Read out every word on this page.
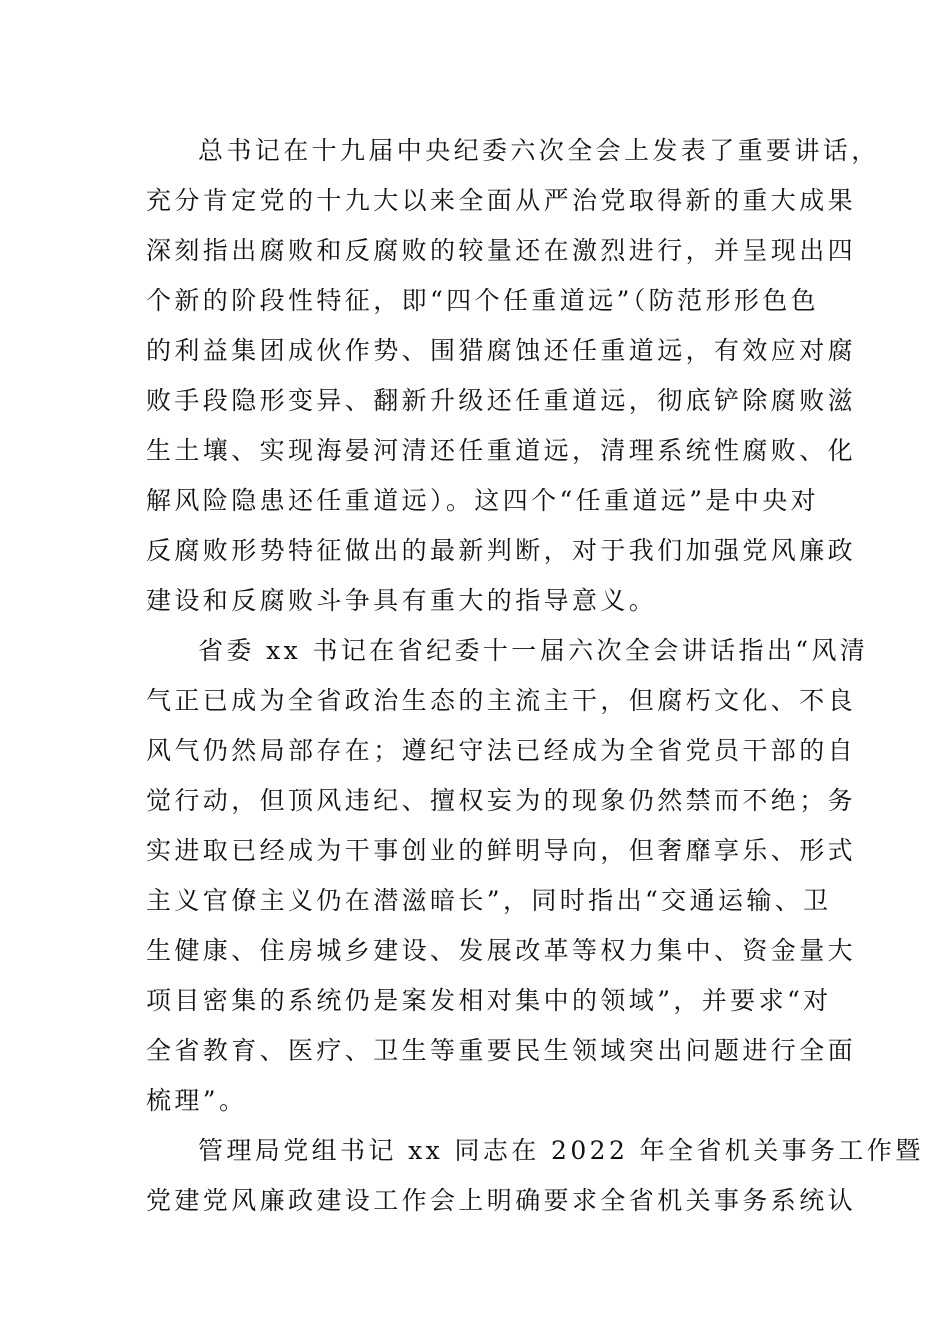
总书记在十九届中央纪委六次全会上发表了重要讲话，
充分肯定党的十九大以来全面从严治党取得新的重大成果
深刻指出腐败和反腐败的较量还在激烈进行，并呈现出四
个新的阶段性特征，即“四个任重道远”（防范形形色色
的利益集团成伙作势、围猎腐蚀还任重道远，有效应对腐
败手段隐形变异、翻新升级还任重道远，彻底铲除腐败滋
生土壤、实现海晏河清还任重道远，清理系统性腐败、化
解风险隐患还任重道远）。这四个“任重道远”是中央对
反腐败形势特征做出的最新判断，对于我们加强党风廉政
建设和反腐败斗争具有重大的指导意义。
省委 xx 书记在省纪委十一届六次全会讲话指出“风清
气正已成为全省政治生态的主流主干，但腐朽文化、不良
风气仍然局部存在；遵纪守法已经成为全省党员干部的自
觉行动，但顶风违纪、擅权妄为的现象仍然禁而不绝；务
实进取已经成为干事创业的鲜明导向，但奢靡享乐、形式
主义官僚主义仍在潜滋暗长”，同时指出“交通运输、卫
生健康、住房城乡建设、发展改革等权力集中、资金量大
项目密集的系统仍是案发相对集中的领域”，并要求“对
全省教育、医疗、卫生等重要民生领域突出问题进行全面
梳理”。
管理局党组书记 xx 同志在 2022 年全省机关事务工作暨
党建党风廉政建设工作会上明确要求全省机关事务系统认
